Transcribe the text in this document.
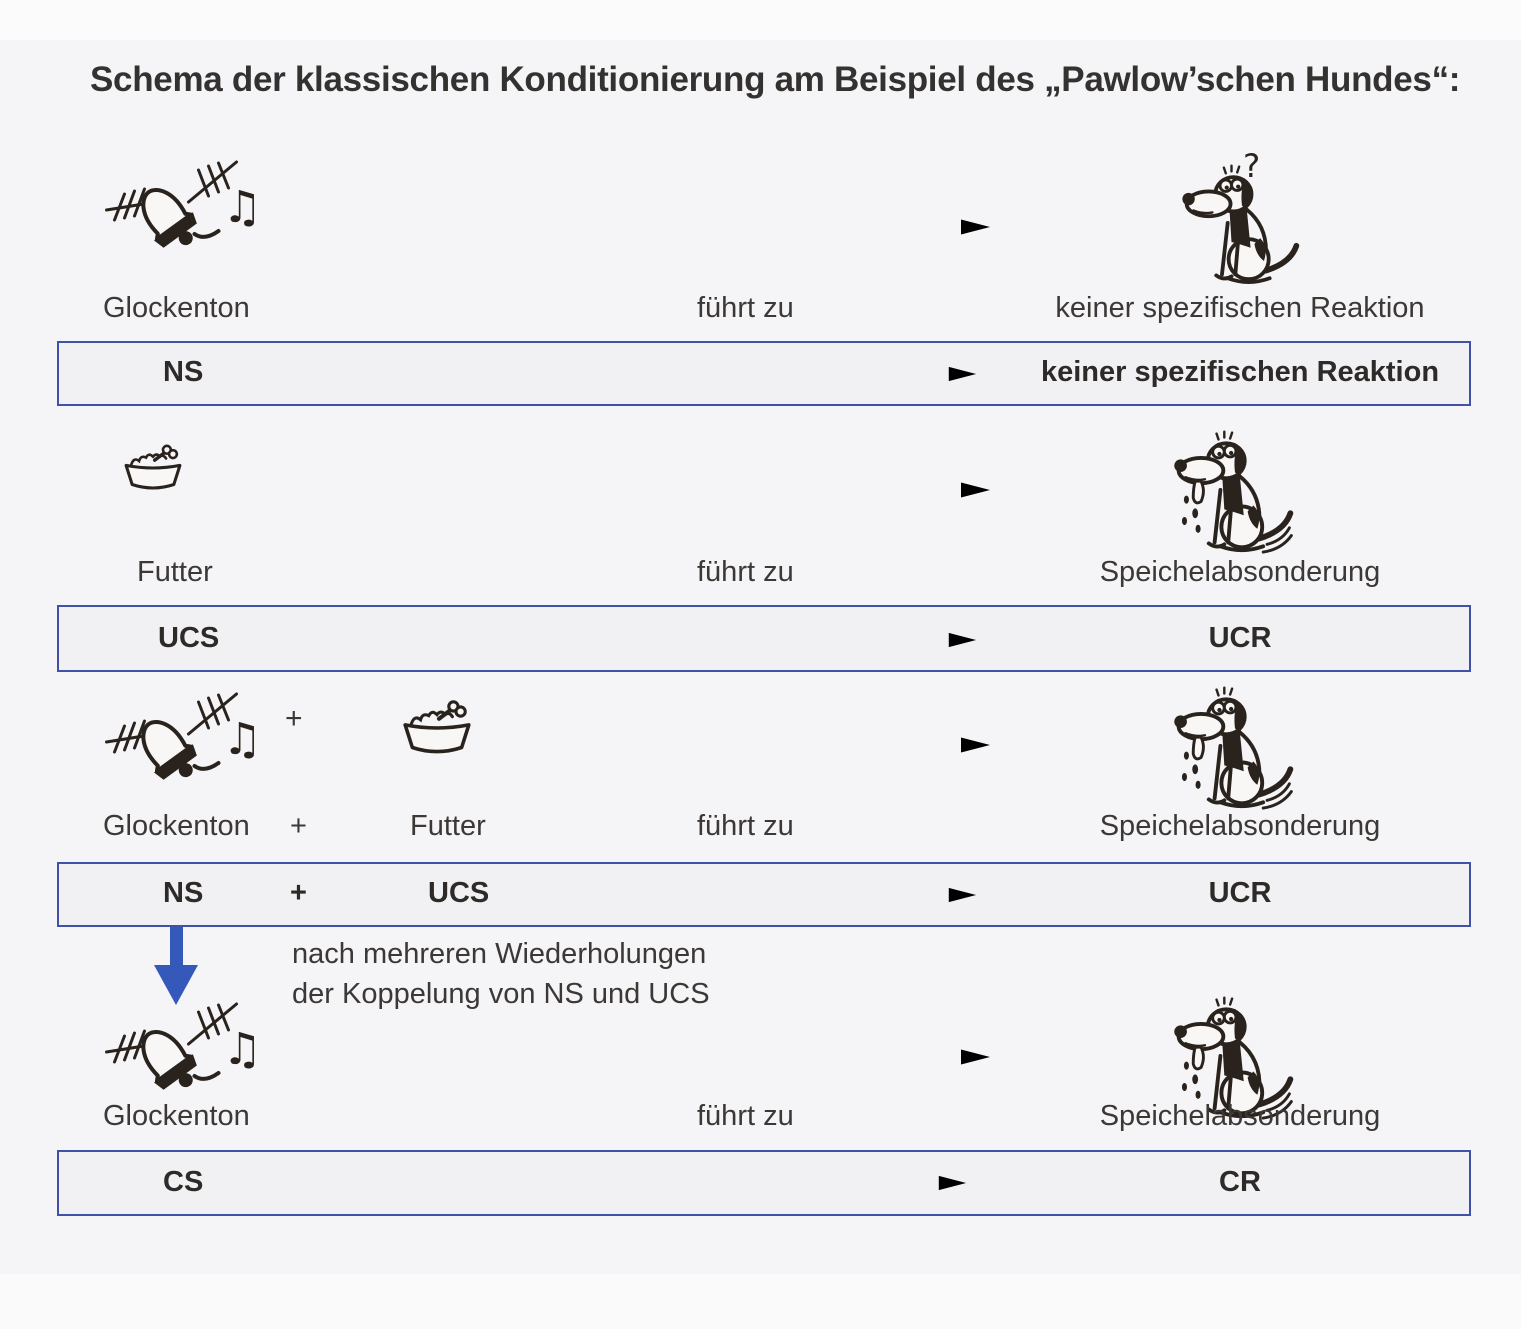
Schema der klassischen Konditionierung am Beispiel des „Pawlow’schen Hundes“:
Glockenton	führt zu	keiner spezifischen Reaktion
NS	keiner spezifischen Reaktion
Futter	führt zu	Speichelabsonderung
UCS	UCR
+
Glockenton +	Futter	führt zu	Speichelabsonderung
NS	+	UCS	UCR
nach mehreren Wiederholungen
der Koppelung von NS und UCS
Glockenton	führt zu	Speichelabsonderung
CS	CR
